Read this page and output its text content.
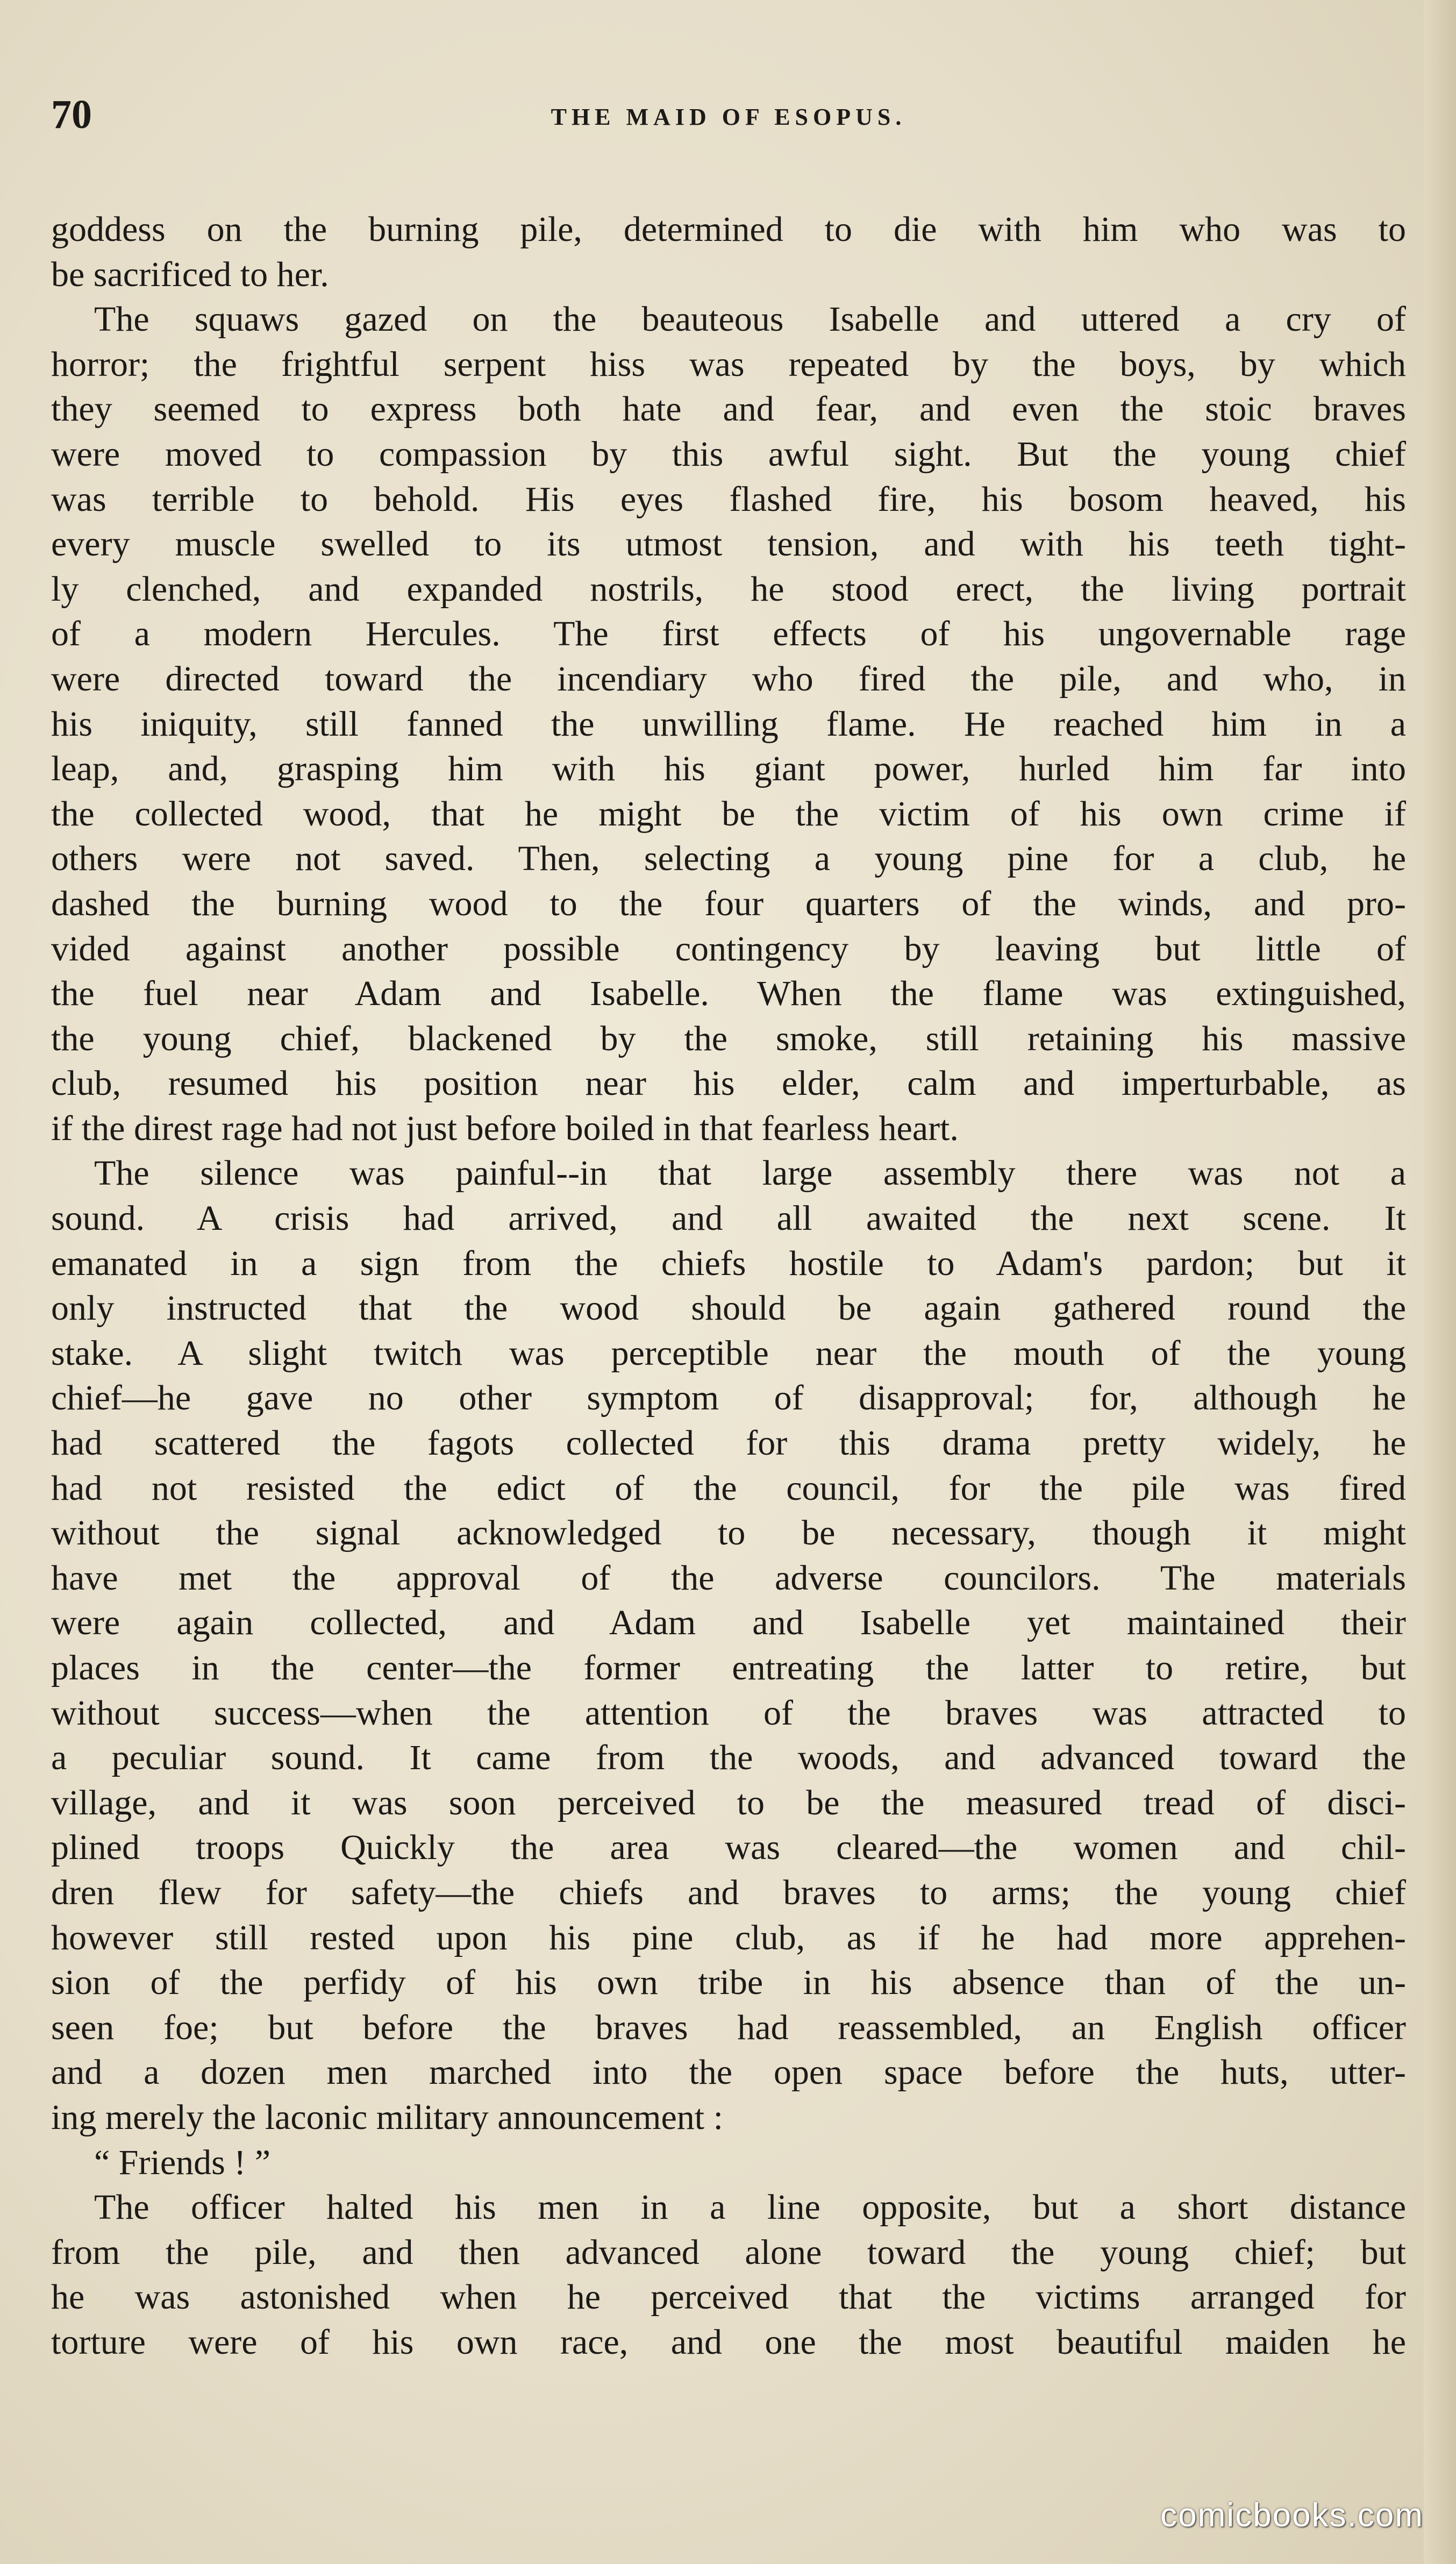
70	THE MAID OF ESOPUS.
goddess on the burning pile, determined to die with him who was to
be sacrificed to her.
The squaws gazed on the beauteous Isabelle and uttered a cry of
horror; the frightful serpent hiss was repeated by the boys, by which
they seemed to express both hate and fear, and even the stoic braves
were moved to compassion by this awful sight. But the young chief
was terrible to behold. His eyes flashed fire, his bosom heaved, his
every muscle swelled to its utmost tension, and with his teeth tight-
ly clenched, and expanded nostrils, he stood erect, the living portrait
of a modern Hercules. The first effects of his ungovernable rage
were directed toward the incendiary who fired the pile, and who, in
his iniquity, still fanned the unwilling flame. He reached him in a
leap, and, grasping him with his giant power, hurled him far into
the collected wood, that he might be the victim of his own crime if
others were not saved. Then, selecting a young pine for a club, he
dashed the burning wood to the four quarters of the winds, and pro-
vided against another possible contingency by leaving but little of
the fuel near Adam and Isabelle. When the flame was extinguished,
the young chief, blackened by the smoke, still retaining his massive
club, resumed his position near his elder, calm and imperturbable, as
if the direst rage had not just before boiled in that fearless heart.
The silence was painful--in that large assembly there was not a
sound. A crisis had arrived, and all awaited the next scene. It
emanated in a sign from the chiefs hostile to Adam's pardon; but it
only instructed that the wood should be again gathered round the
stake. A slight twitch was perceptible near the mouth of the young
chief—he gave no other symptom of disapproval; for, although he
had scattered the fagots collected for this drama pretty widely, he
had not resisted the edict of the council, for the pile was fired
without the signal acknowledged to be necessary, though it might
have met the approval of the adverse councilors. The materials
were again collected, and Adam and Isabelle yet maintained their
places in the center—the former entreating the latter to retire, but
without success—when the attention of the braves was attracted to
a peculiar sound. It came from the woods, and advanced toward the
village, and it was soon perceived to be the measured tread of disci-
plined troops Quickly the area was cleared—the women and chil-
dren flew for safety—the chiefs and braves to arms; the young chief
however still rested upon his pine club, as if he had more apprehen-
sion of the perfidy of his own tribe in his absence than of the un-
seen foe; but before the braves had reassembled, an English officer
and a dozen men marched into the open space before the huts, utter-
ing merely the laconic military announcement :
“ Friends ! ”
The officer halted his men in a line opposite, but a short distance
from the pile, and then advanced alone toward the young chief; but
he was astonished when he perceived that the victims arranged for
torture were of his own race, and one the most beautiful maiden he
comicbooks.com
